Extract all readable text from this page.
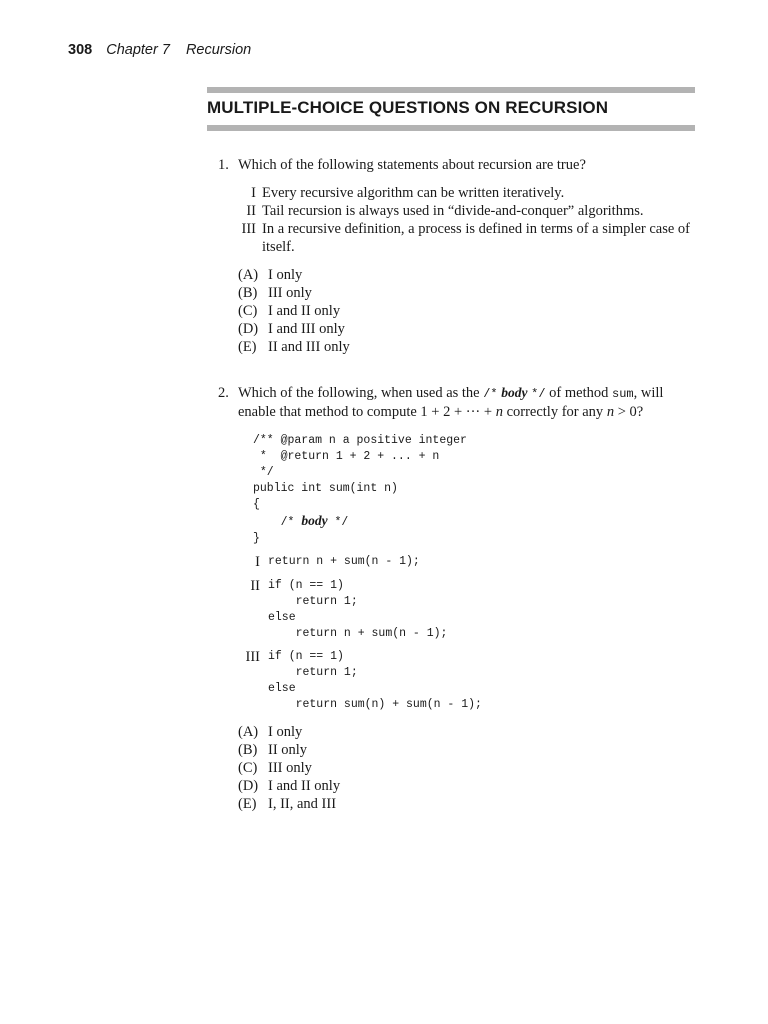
308 Chapter 7 Recursion
MULTIPLE-CHOICE QUESTIONS ON RECURSION
1. Which of the following statements about recursion are true?
I Every recursive algorithm can be written iteratively.
II Tail recursion is always used in “divide-and-conquer” algorithms.
III In a recursive definition, a process is defined in terms of a simpler case of itself.
(A) I only
(B) III only
(C) I and II only
(D) I and III only
(E) II and III only
2. Which of the following, when used as the /* body */ of method sum, will enable that method to compute 1 + 2 + ··· + n correctly for any n > 0?
/** @param n a positive integer
*  @return 1 + 2 + ... + n
*/
public int sum(int n)
{
/* body */
}
I return n + sum(n - 1);
II if (n == 1)
return 1;
else
return n + sum(n - 1);
III if (n == 1)
return 1;
else
return sum(n) + sum(n - 1);
(A) I only
(B) II only
(C) III only
(D) I and II only
(E) I, II, and III
